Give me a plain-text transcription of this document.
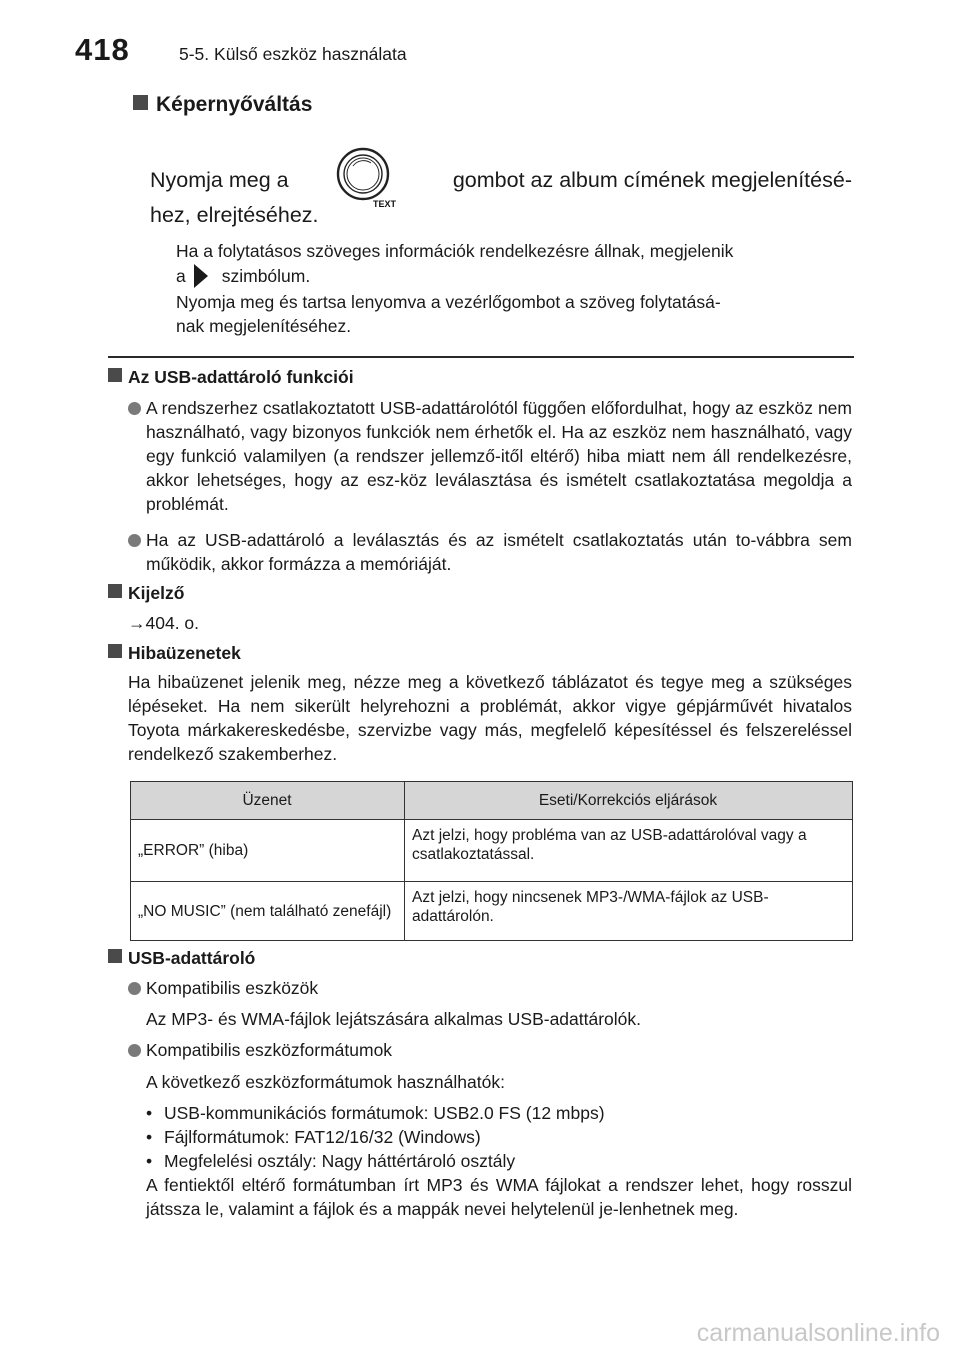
418	5-5. Külső eszköz használata
Képernyőváltás
Nyomja meg a
TEXT
gombot az album címének megjelenítésé-
hez, elrejtéséhez.
Ha a folytatásos szöveges információk rendelkezésre állnak, megjelenik
a szimbólum.
Nyomja meg és tartsa lenyomva a vezérlőgombot a szöveg folytatásá-
nak megjelenítéséhez.
Az USB-adattároló funkciói
A rendszerhez csatlakoztatott USB-adattárolótól függően előfordulhat, hogy az eszköz nem használható, vagy bizonyos funkciók nem érhetők el. Ha az eszköz nem használható, vagy egy funkció valamilyen (a rendszer jellemző-itől eltérő) hiba miatt nem áll rendelkezésre, akkor lehetséges, hogy az esz-köz leválasztása és ismételt csatlakoztatása megoldja a problémát.
Ha az USB-adattároló a leválasztás és az ismételt csatlakoztatás után to-vábbra sem működik, akkor formázza a memóriáját.
Kijelző
→404. o.
Hibaüzenetek
Ha hibaüzenet jelenik meg, nézze meg a következő táblázatot és tegye meg a szükséges lépéseket. Ha nem sikerült helyrehozni a problémát, akkor vigye gépjárművét hivatalos Toyota márkakereskedésbe, szervizbe vagy más, megfelelő képesítéssel és felszereléssel rendelkező szakemberhez.
Üzenet	Eseti/Korrekciós eljárások
„ERROR” (hiba)	Azt jelzi, hogy probléma van az USB-adattárolóval vagy a csatlakoztatással.
„NO MUSIC” (nem található zenefájl)	Azt jelzi, hogy nincsenek MP3-/WMA-fájlok az USB-adattárolón.
USB-adattároló
Kompatibilis eszközök
Az MP3- és WMA-fájlok lejátszására alkalmas USB-adattárolók.
Kompatibilis eszközformátumok
A következő eszközformátumok használhatók:
• USB-kommunikációs formátumok: USB2.0 FS (12 mbps)
• Fájlformátumok: FAT12/16/32 (Windows)
• Megfelelési osztály: Nagy háttértároló osztály
A fentiektől eltérő formátumban írt MP3 és WMA fájlokat a rendszer lehet, hogy rosszul játssza le, valamint a fájlok és a mappák nevei helytelenül je-lenhetnek meg.
carmanualsonline.info
